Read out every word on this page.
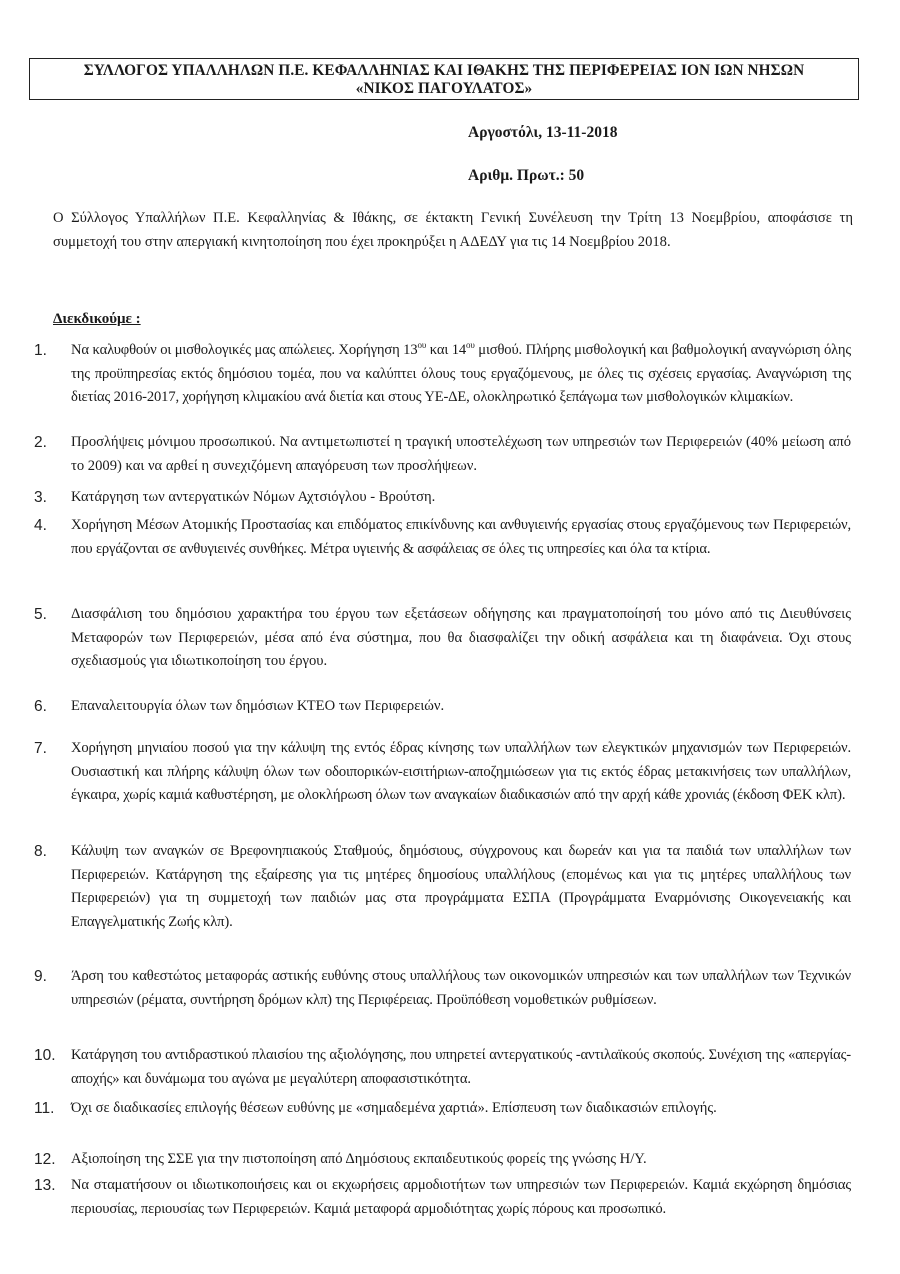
ΣΥΛΛΟΓΟΣ ΥΠΑΛΛΗΛΩΝ Π.Ε. ΚΕΦΑΛΛΗΝΙΑΣ ΚΑΙ ΙΘΑΚΗΣ ΤΗΣ ΠΕΡΙΦΕΡΕΙΑΣ ΙΟΝ ΙΩΝ ΝΗΣΩΝ
«ΝΙΚΟΣ ΠΑΓΟΥΛΑΤΟΣ»
Αργοστόλι, 13-11-2018
Αριθμ. Πρωτ.: 50
Ο Σύλλογος Υπαλλήλων Π.Ε. Κεφαλληνίας & Ιθάκης, σε έκτακτη Γενική Συνέλευση την Τρίτη 13 Νοεμβρίου, αποφάσισε τη συμμετοχή του στην απεργιακή κινητοποίηση που έχει προκηρύξει η ΑΔΕΔΥ για τις 14 Νοεμβρίου 2018.
Διεκδικούμε :
1. Να καλυφθούν οι μισθολογικές μας απώλειες. Χορήγηση $13^{o\upsilon}$ και $14^{o\upsilon}$ μισθού. Πλήρης μισθολογική και βαθμολογική αναγνώριση όλης της προϋπηρεσίας εκτός δημόσιου τομέα, που να καλύπτει όλους τους εργαζόμενους, με όλες τις σχέσεις εργασίας. Αναγνώριση της διετίας 2016-2017, χορήγηση κλιμακίου ανά διετία και στους ΥΕ-ΔΕ, ολοκληρωτικό ξεπάγωμα των μισθολογικών κλιμακίων.
2. Προσλήψεις μόνιμου προσωπικού. Να αντιμετωπιστεί η τραγική υποστελέχωση των υπηρεσιών των Περιφερειών (40% μείωση από το 2009) και να αρθεί η συνεχιζόμενη απαγόρευση των προσλήψεων.
3. Κατάργηση των αντεργατικών Νόμων Αχτσιόγλου - Βρούτση.
4. Χορήγηση Μέσων Ατομικής Προστασίας και επιδόματος επικίνδυνης και ανθυγιεινής εργασίας στους εργαζόμενους των Περιφερειών, που εργάζονται σε ανθυγιεινές συνθήκες. Μέτρα υγιεινής & ασφάλειας σε όλες τις υπηρεσίες και όλα τα κτίρια.
5. Διασφάλιση του δημόσιου χαρακτήρα του έργου των εξετάσεων οδήγησης και πραγματοποίησή του μόνο από τις Διευθύνσεις Μεταφορών των Περιφερειών, μέσα από ένα σύστημα, που θα διασφαλίζει την οδική ασφάλεια και τη διαφάνεια. Όχι στους σχεδιασμούς για ιδιωτικοποίηση του έργου.
6. Επαναλειτουργία όλων των δημόσιων ΚΤΕΟ των Περιφερειών.
7. Χορήγηση μηνιαίου ποσού για την κάλυψη της εντός έδρας κίνησης των υπαλλήλων των ελεγκτικών μηχανισμών των Περιφερειών. Ουσιαστική και πλήρης κάλυψη όλων των οδοιπορικών-εισιτήριων-αποζημιώσεων για τις εκτός έδρας μετακινήσεις των υπαλλήλων, έγκαιρα, χωρίς καμιά καθυστέρηση, με ολοκλήρωση όλων των αναγκαίων διαδικασιών από την αρχή κάθε χρονιάς (έκδοση ΦΕΚ κλπ).
8. Κάλυψη των αναγκών σε Βρεφονηπιακούς Σταθμούς, δημόσιους, σύγχρονους και δωρεάν και για τα παιδιά των υπαλλήλων των Περιφερειών. Κατάργηση της εξαίρεσης για τις μητέρες δημοσίους υπαλλήλους (επομένως και για τις μητέρες υπαλλήλους των Περιφερειών) για τη συμμετοχή των παιδιών μας στα προγράμματα ΕΣΠΑ (Προγράμματα Εναρμόνισης Οικογενειακής και Επαγγελματικής Ζωής κλπ).
9. Άρση του καθεστώτος μεταφοράς αστικής ευθύνης στους υπαλλήλους των οικονομικών υπηρεσιών και των υπαλλήλων των Τεχνικών υπηρεσιών (ρέματα, συντήρηση δρόμων κλπ) της Περιφέρειας. Προϋπόθεση νομοθετικών ρυθμίσεων.
10. Κατάργηση του αντιδραστικού πλαισίου της αξιολόγησης, που υπηρετεί αντεργατικούς -αντιλαϊκούς σκοπούς. Συνέχιση της «απεργίας-αποχής» και δυνάμωμα του αγώνα με μεγαλύτερη αποφασιστικότητα.
11. Όχι σε διαδικασίες επιλογής θέσεων ευθύνης με «σημαδεμένα χαρτιά». Επίσπευση των διαδικασιών επιλογής.
12. Αξιοποίηση της ΣΣΕ για την πιστοποίηση από Δημόσιους εκπαιδευτικούς φορείς της γνώσης Η/Υ.
13. Να σταματήσουν οι ιδιωτικοποιήσεις και οι εκχωρήσεις αρμοδιοτήτων των υπηρεσιών των Περιφερειών. Καμιά εκχώρηση δημόσιας περιουσίας, περιουσίας των Περιφερειών. Καμιά μεταφορά αρμοδιότητας χωρίς πόρους και προσωπικό.
